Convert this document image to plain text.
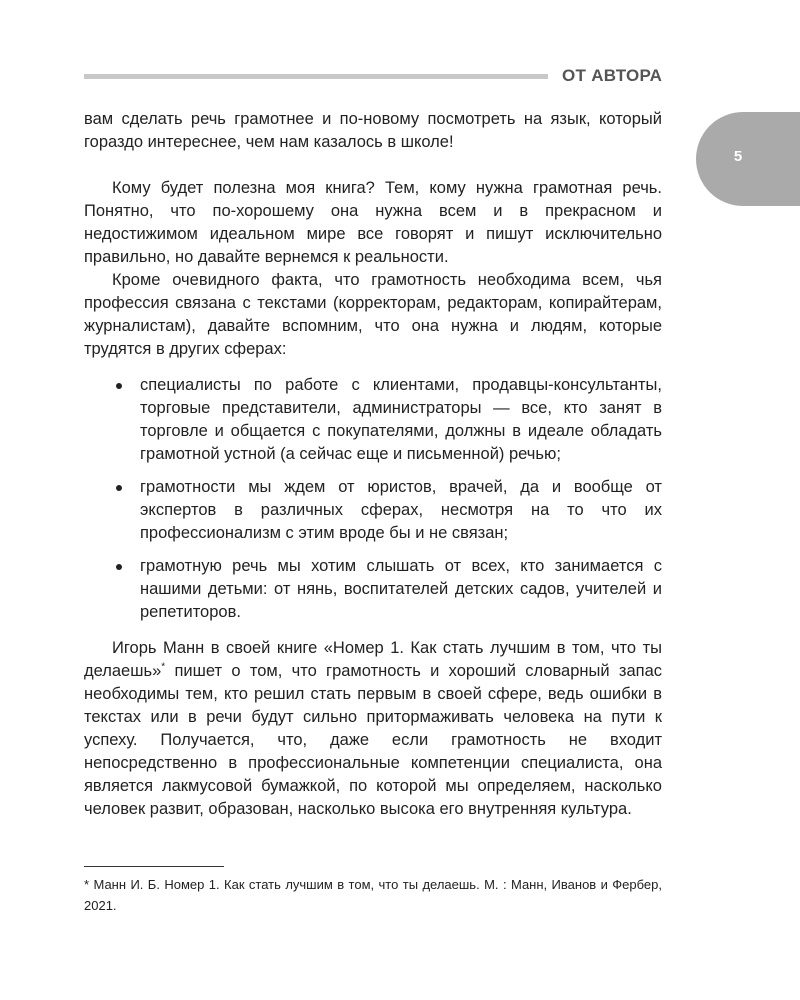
ОТ АВТОРА
5

вам сделать речь грамотнее и по-новому посмотреть на язык, который гораздо интереснее, чем нам казалось в школе!

Кому будет полезна моя книга? Тем, кому нужна грамотная речь. Понятно, что по-хорошему она нужна всем и в прекрасном и недостижимом идеальном мире все говорят и пишут исключительно правильно, но давайте вернемся к реальности.

Кроме очевидного факта, что грамотность необходима всем, чья профессия связана с текстами (корректорам, редакторам, копирайтерам, журналистам), давайте вспомним, что она нужна и людям, которые трудятся в других сферах:

специалисты по работе с клиентами, продавцы-консультанты, торговые представители, администраторы — все, кто занят в торговле и общается с покупателями, должны в идеале обладать грамотной устной (а сейчас еще и письменной) речью;
грамотности мы ждем от юристов, врачей, да и вообще от экспертов в различных сферах, несмотря на то что их профессионализм с этим вроде бы и не связан;
грамотную речь мы хотим слышать от всех, кто занимается с нашими детьми: от нянь, воспитателей детских садов, учителей и репетиторов.

Игорь Манн в своей книге «Номер 1. Как стать лучшим в том, что ты делаешь»* пишет о том, что грамотность и хороший словарный запас необходимы тем, кто решил стать первым в своей сфере, ведь ошибки в текстах или в речи будут сильно притормаживать человека на пути к успеху. Получается, что, даже если грамотность не входит непосредственно в профессиональные компетенции специалиста, она является лакмусовой бумажкой, по которой мы определяем, насколько человек развит, образован, насколько высока его внутренняя культура.

* Манн И. Б. Номер 1. Как стать лучшим в том, что ты делаешь. М. : Манн, Иванов и Фербер, 2021.
